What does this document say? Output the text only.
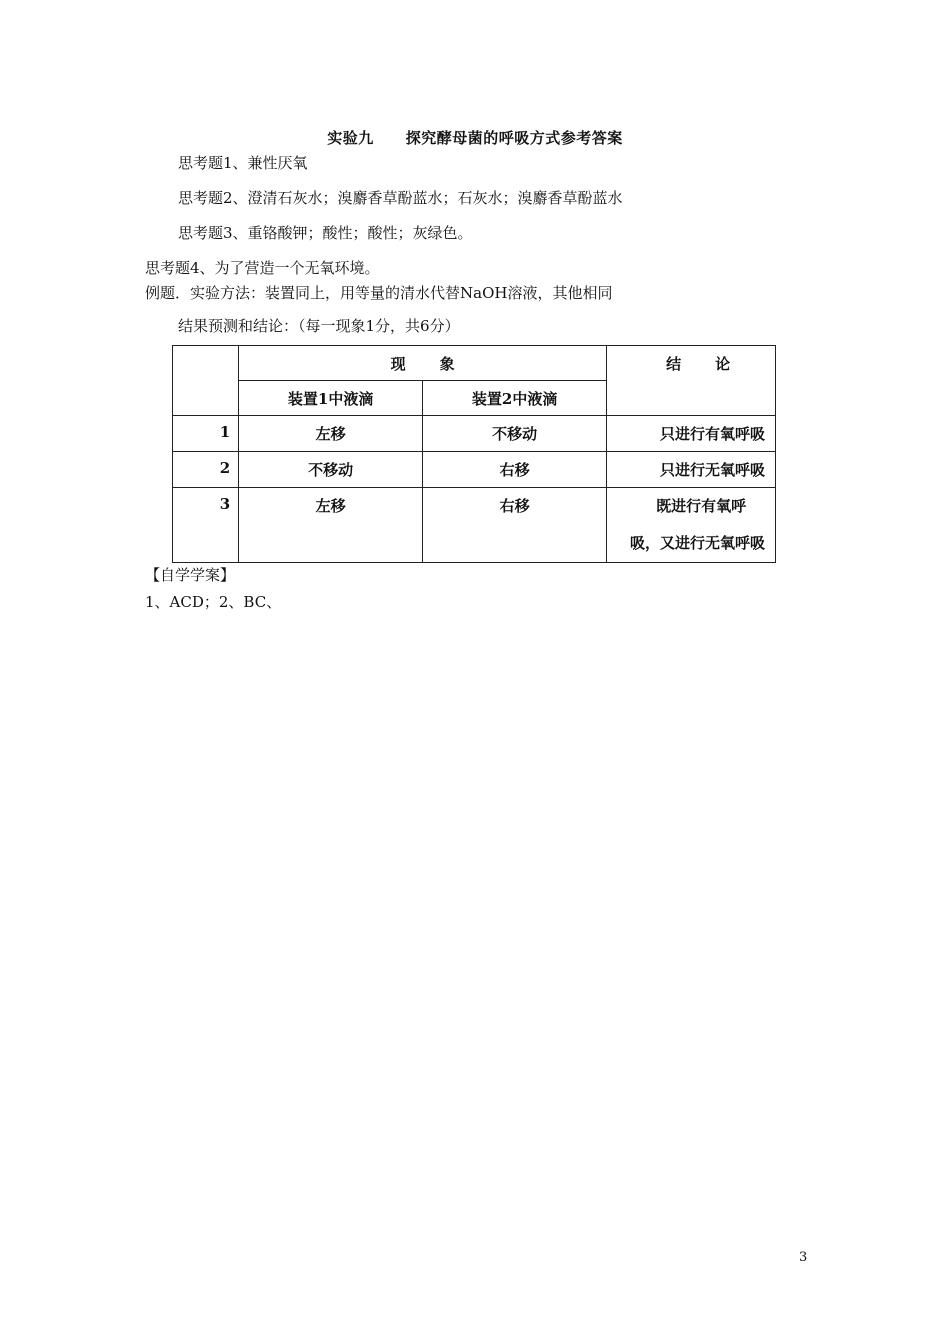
实验九 探究酵母菌的呼吸方式参考答案
思考题1、兼性厌氧
思考题2、澄清石灰水；溴麝香草酚蓝水；石灰水；溴麝香草酚蓝水
思考题3、重铬酸钾；酸性；酸性；灰绿色。
思考题4、为了营造一个无氧环境。
例题．实验方法：装置同上，用等量的清水代替NaOH溶液，其他相同
结果预测和结论：（每一现象1分，共6分）

	现 象		结 论

	装置1中液滴	装置2中液滴	

1	左移	不移动	只进行有氧呼吸

2	不移动	右移	只进行无氧呼吸

3	左移	右移	既进行有氧呼
吸，又进行无氧呼吸
【自学学案】
1、ACD；2、BC、
3
